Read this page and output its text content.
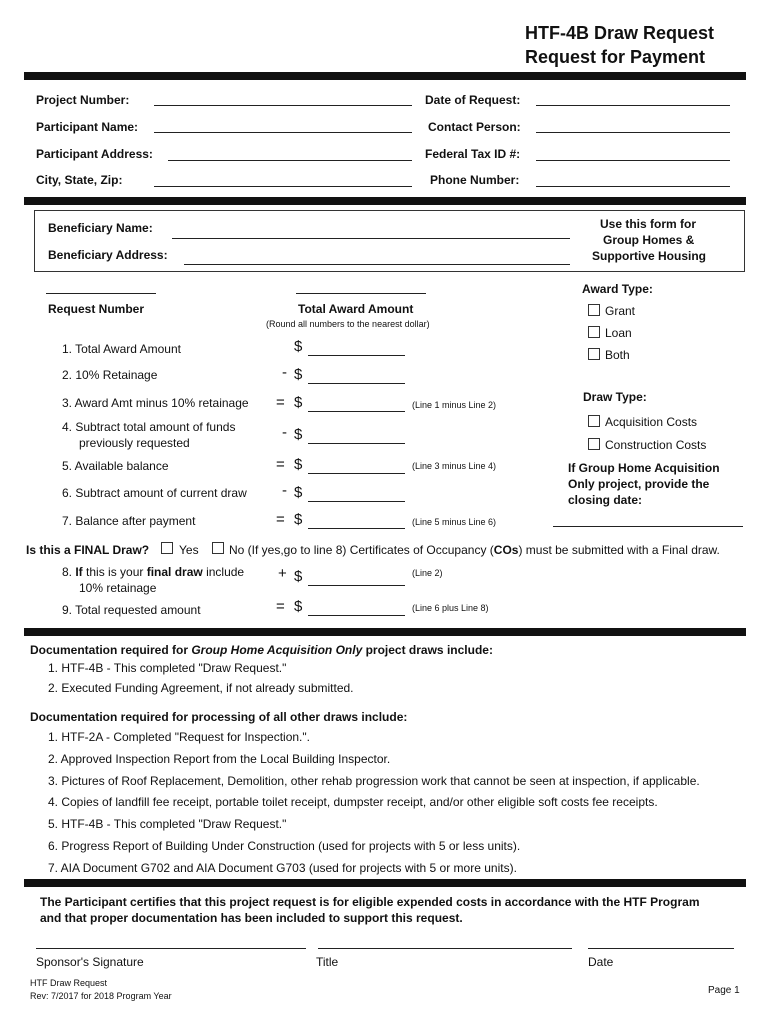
HTF-4B Draw Request
Request for Payment
Project Number:
Participant Name:
Participant Address:
City, State, Zip:
Date of Request:
Contact Person:
Federal Tax ID #:
Phone Number:
Beneficiary Name:
Beneficiary Address:
Use this form for
Group Homes &
Supportive Housing
Request Number	Total Award Amount
(Round all numbers to the nearest dollar)
Award Type:
Grant
Loan
Both
Draw Type:
Acquisition Costs
Construction Costs
If Group Home Acquisition
Only project, provide the
closing date:
1. Total Award Amount	$
2. 10% Retainage	- $
3. Award Amt minus 10% retainage = $	(Line 1 minus Line 2)
4. Subtract total amount of funds
previously requested
- $
5. Available balance	= $	(Line 3 minus Line 4)
6. Subtract amount of current draw - $
7. Balance after payment	= $	(Line 5 minus Line 6)
Is this a FINAL Draw? Yes	No (If yes,go to line 8) Certificates of Occupancy (COs) must be submitted with a Final draw.
8. If this is your final draw include
10% retainage
+ $	(Line 2)
9. Total requested amount	= $	(Line 6 plus Line 8)
Documentation required for Group Home Acquisition Only project draws include:
1. HTF-4B - This completed "Draw Request."
2. Executed Funding Agreement, if not already submitted.
Documentation required for processing of all other draws include:
1. HTF-2A - Completed "Request for Inspection.".
2. Approved Inspection Report from the Local Building Inspector.
3. Pictures of Roof Replacement, Demolition, other rehab progression work that cannot be seen at inspection, if applicable.
4. Copies of landfill fee receipt, portable toilet receipt, dumpster receipt, and/or other eligible soft costs fee receipts.
5. HTF-4B - This completed "Draw Request."
6. Progress Report of Building Under Construction (used for projects with 5 or less units).
7. AIA Document G702 and AIA Document G703 (used for projects with 5 or more units).
The Participant certifies that this project request is for eligible expended costs in accordance with the HTF Program
and that proper documentation has been included to support this request.
Sponsor's Signature	Title	Date
HTF Draw Request
Rev: 7/2017 for 2018 Program Year	Page 1
